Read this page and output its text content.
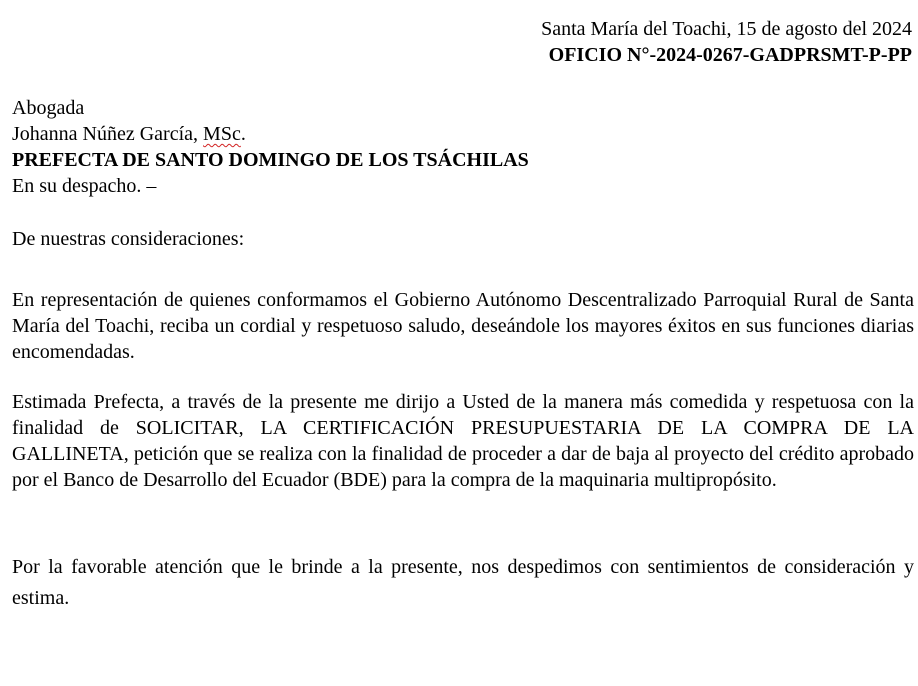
Santa María del Toachi, 15 de agosto del 2024
OFICIO N°-2024-0267-GADPRSMT-P-PP
Abogada
Johanna Núñez García, MSc.
PREFECTA DE SANTO DOMINGO DE LOS TSÁCHILAS
En su despacho. –
De nuestras consideraciones:

En representación de quienes conformamos el Gobierno Autónomo Descentralizado Parroquial Rural de Santa María del Toachi, reciba un cordial y respetuoso saludo, deseándole los mayores éxitos en sus funciones diarias encomendadas.

Estimada Prefecta, a través de la presente me dirijo a Usted de la manera más comedida y respetuosa con la finalidad de SOLICITAR, LA CERTIFICACIÓN PRESUPUESTARIA DE LA COMPRA DE LA GALLINETA, petición que se realiza con la finalidad de proceder a dar de baja al proyecto del crédito aprobado por el Banco de Desarrollo del Ecuador (BDE) para la compra de la maquinaria multipropósito.

Por la favorable atención que le brinde a la presente, nos despedimos con sentimientos de consideración y estima.
